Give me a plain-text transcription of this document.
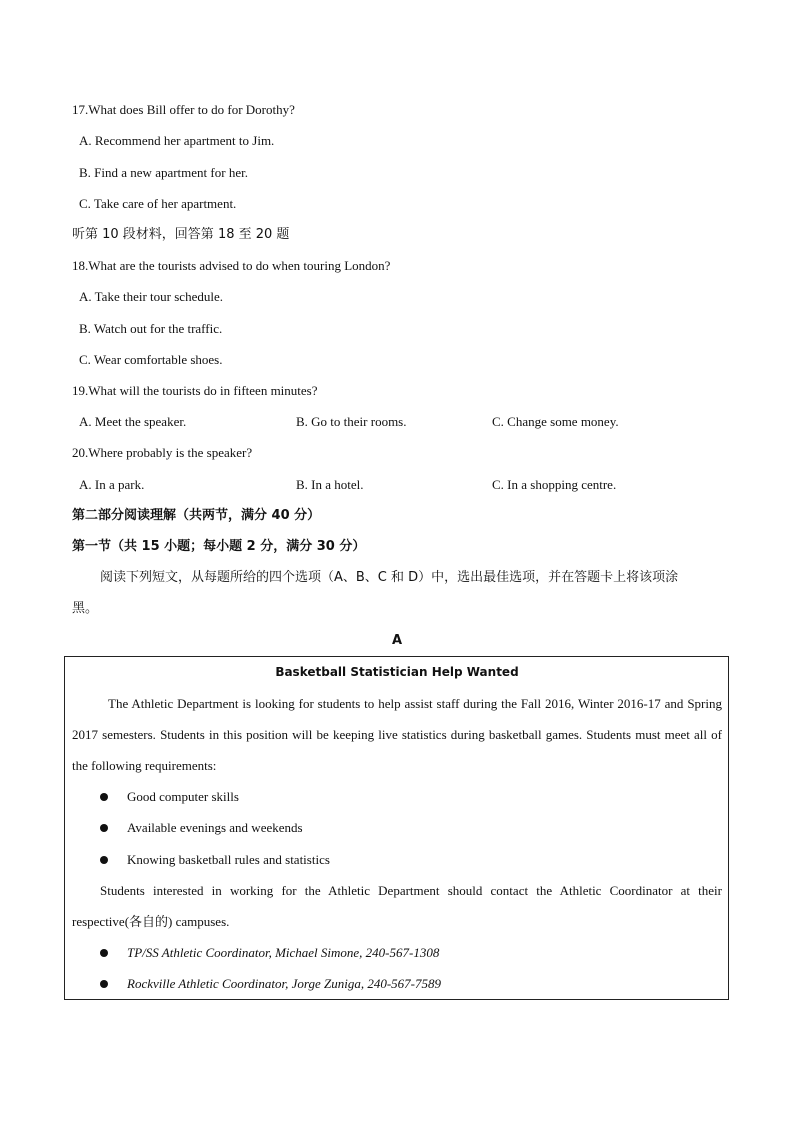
17.What does Bill offer to do for Dorothy?
A. Recommend her apartment to Jim.
B. Find a new apartment for her.
C. Take care of her apartment.
听第 10 段材料，回答第 18 至 20 题
18.What are the tourists advised to do when touring London?
A. Take their tour schedule.
B. Watch out for the traffic.
C. Wear comfortable shoes.
19.What will the tourists do in fifteen minutes?
A. Meet the speaker.	B. Go to their rooms.	C. Change some money.
20.Where probably is the speaker?
A. In a park.	B. In a hotel.	C. In a shopping centre.
第二部分阅读理解（共两节，满分 40 分）
第一节（共 15 小题；每小题 2 分，满分 30 分）
阅读下列短文，从每题所给的四个选项（A、B、C 和 D）中，选出最佳选项，并在答题卡上将该项涂
黑。
A
Basketball Statistician Help Wanted
The Athletic Department is looking for students to help assist staff during the Fall 2016, Winter 2016-17 and Spring 2017 semesters. Students in this position will be keeping live statistics during basketball games. Students must meet all of the following requirements:
Good computer skills
Available evenings and weekends
Knowing basketball rules and statistics
Students interested in working for the Athletic Department should contact the Athletic Coordinator at their respective(各自的) campuses.
TP/SS Athletic Coordinator, Michael Simone, 240-567-1308
Rockville Athletic Coordinator, Jorge Zuniga, 240-567-7589
